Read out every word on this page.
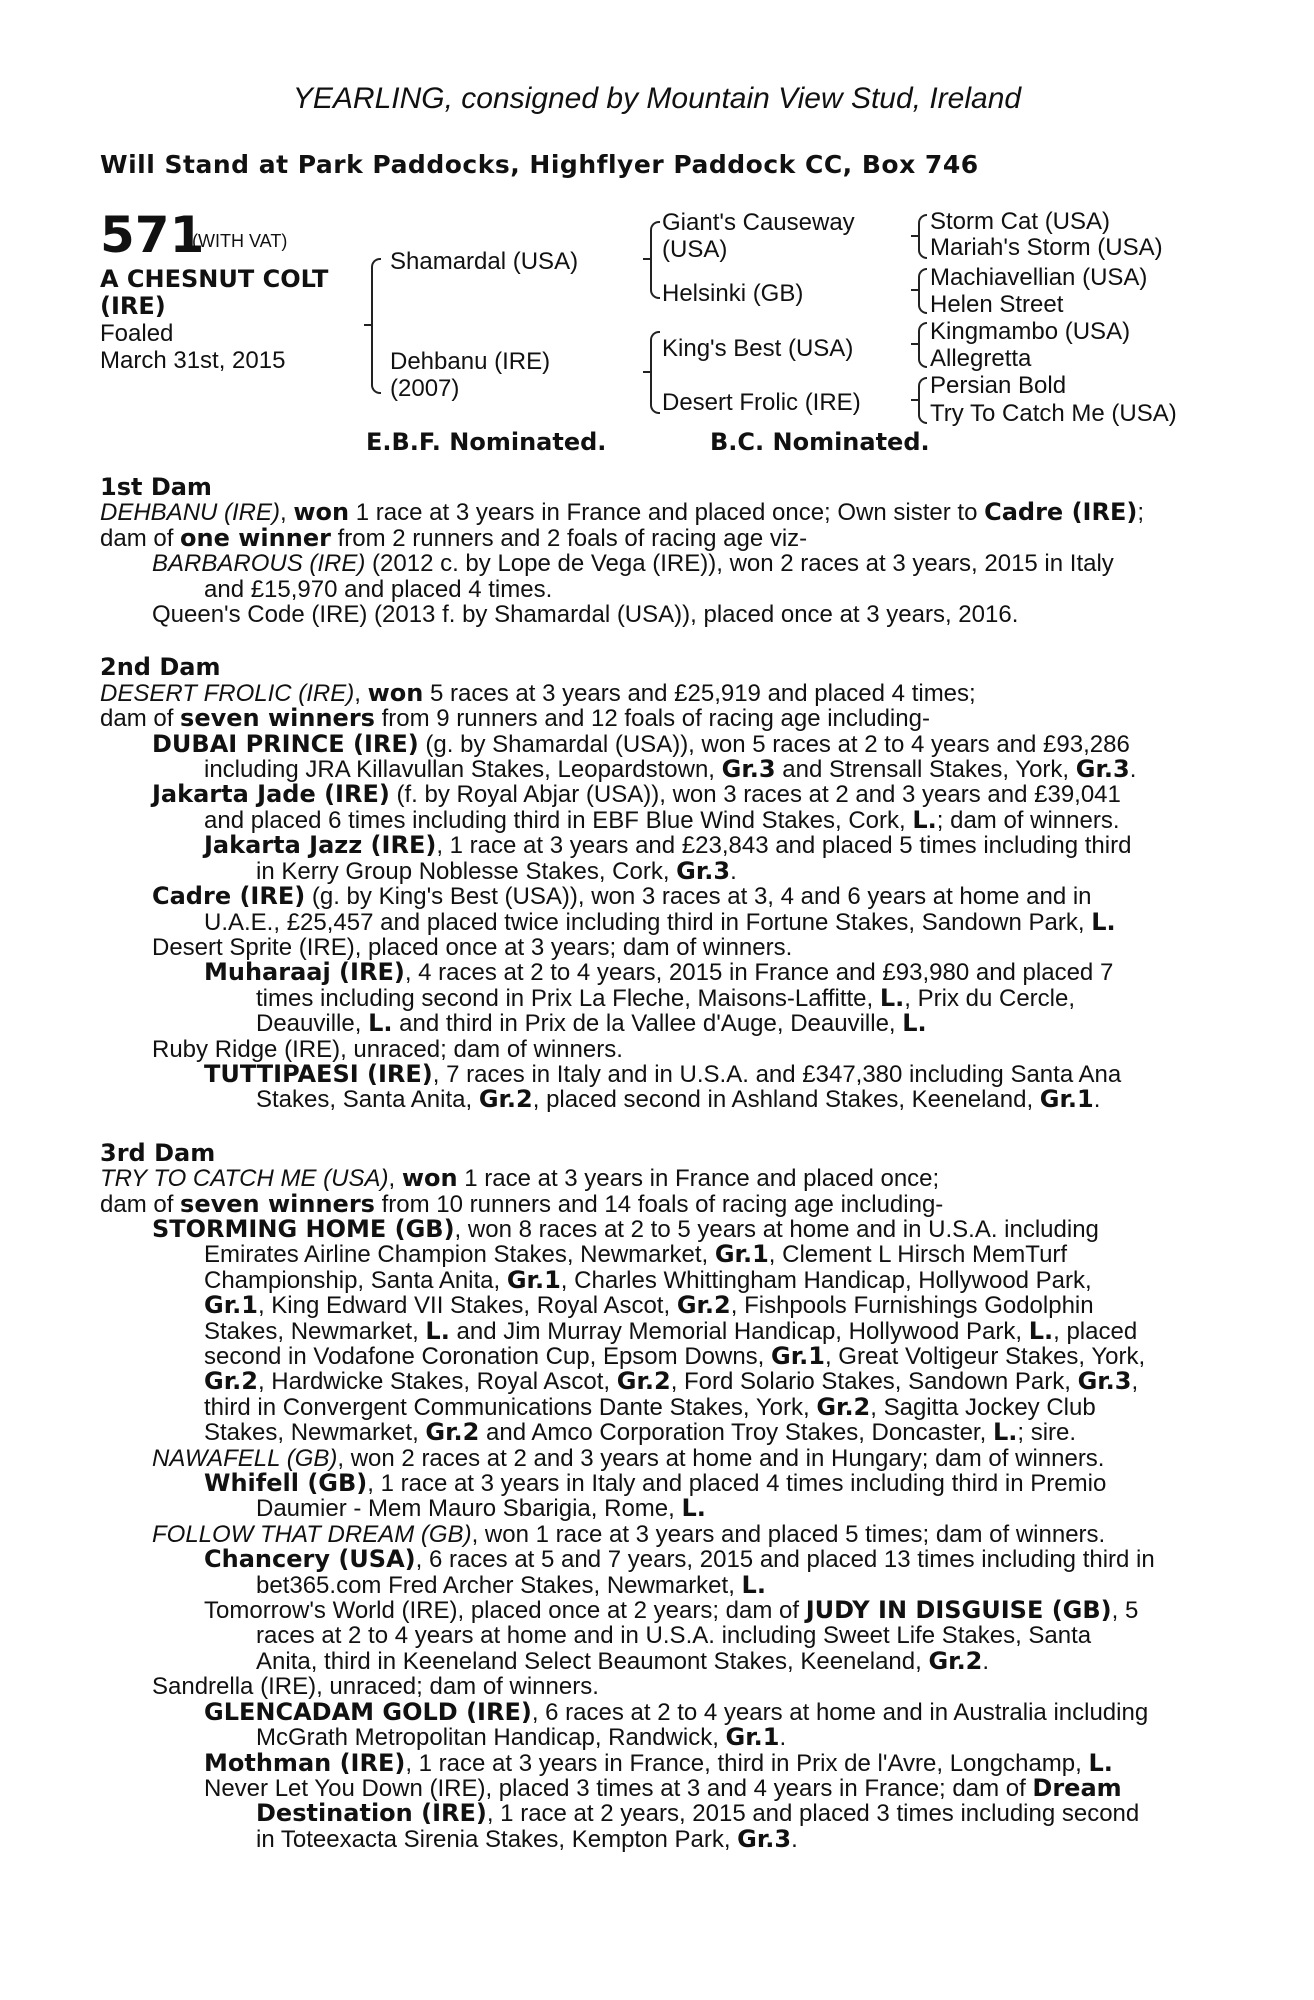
YEARLING, consigned by Mountain View Stud, Ireland
Will Stand at Park Paddocks, Highflyer Paddock CC, Box 746
571
(WITH VAT)
A CHESNUT COLT
(IRE)
Foaled
March 31st, 2015
Shamardal (USA)
Dehbanu (IRE)
(2007)
Giant's Causeway
(USA)
Helsinki (GB)
King's Best (USA)
Desert Frolic (IRE)
Storm Cat (USA)
Mariah's Storm (USA)
Machiavellian (USA)
Helen Street
Kingmambo (USA)
Allegretta
Persian Bold
Try To Catch Me (USA)
E.B.F. Nominated.	B.C. Nominated.

1st Dam

DEHBANU (IRE), won 1 race at 3 years in France and placed once; Own sister to Cadre (IRE);

dam of one winner from 2 runners and 2 foals of racing age viz-

BARBAROUS (IRE) (2012 c. by Lope de Vega (IRE)), won 2 races at 3 years, 2015 in Italy

and £15,970 and placed 4 times.

Queen's Code (IRE) (2013 f. by Shamardal (USA)), placed once at 3 years, 2016.

2nd Dam

DESERT FROLIC (IRE), won 5 races at 3 years and £25,919 and placed 4 times;

dam of seven winners from 9 runners and 12 foals of racing age including-

DUBAI PRINCE (IRE) (g. by Shamardal (USA)), won 5 races at 2 to 4 years and £93,286

including JRA Killavullan Stakes, Leopardstown, Gr.3 and Strensall Stakes, York, Gr.3.

Jakarta Jade (IRE) (f. by Royal Abjar (USA)), won 3 races at 2 and 3 years and £39,041

and placed 6 times including third in EBF Blue Wind Stakes, Cork, L.; dam of winners.

Jakarta Jazz (IRE), 1 race at 3 years and £23,843 and placed 5 times including third

in Kerry Group Noblesse Stakes, Cork, Gr.3.

Cadre (IRE) (g. by King's Best (USA)), won 3 races at 3, 4 and 6 years at home and in

U.A.E., £25,457 and placed twice including third in Fortune Stakes, Sandown Park, L.

Desert Sprite (IRE), placed once at 3 years; dam of winners.

Muharaaj (IRE), 4 races at 2 to 4 years, 2015 in France and £93,980 and placed 7

times including second in Prix La Fleche, Maisons-Laffitte, L., Prix du Cercle,

Deauville, L. and third in Prix de la Vallee d'Auge, Deauville, L.

Ruby Ridge (IRE), unraced; dam of winners.

TUTTIPAESI (IRE), 7 races in Italy and in U.S.A. and £347,380 including Santa Ana

Stakes, Santa Anita, Gr.2, placed second in Ashland Stakes, Keeneland, Gr.1.

3rd Dam

TRY TO CATCH ME (USA), won 1 race at 3 years in France and placed once;

dam of seven winners from 10 runners and 14 foals of racing age including-

STORMING HOME (GB), won 8 races at 2 to 5 years at home and in U.S.A. including

Emirates Airline Champion Stakes, Newmarket, Gr.1, Clement L Hirsch MemTurf

Championship, Santa Anita, Gr.1, Charles Whittingham Handicap, Hollywood Park,

Gr.1, King Edward VII Stakes, Royal Ascot, Gr.2, Fishpools Furnishings Godolphin

Stakes, Newmarket, L. and Jim Murray Memorial Handicap, Hollywood Park, L., placed

second in Vodafone Coronation Cup, Epsom Downs, Gr.1, Great Voltigeur Stakes, York,

Gr.2, Hardwicke Stakes, Royal Ascot, Gr.2, Ford Solario Stakes, Sandown Park, Gr.3,

third in Convergent Communications Dante Stakes, York, Gr.2, Sagitta Jockey Club

Stakes, Newmarket, Gr.2 and Amco Corporation Troy Stakes, Doncaster, L.; sire.

NAWAFELL (GB), won 2 races at 2 and 3 years at home and in Hungary; dam of winners.

Whifell (GB), 1 race at 3 years in Italy and placed 4 times including third in Premio

Daumier - Mem Mauro Sbarigia, Rome, L.

FOLLOW THAT DREAM (GB), won 1 race at 3 years and placed 5 times; dam of winners.

Chancery (USA), 6 races at 5 and 7 years, 2015 and placed 13 times including third in

bet365.com Fred Archer Stakes, Newmarket, L.

Tomorrow's World (IRE), placed once at 2 years; dam of JUDY IN DISGUISE (GB), 5

races at 2 to 4 years at home and in U.S.A. including Sweet Life Stakes, Santa

Anita, third in Keeneland Select Beaumont Stakes, Keeneland, Gr.2.

Sandrella (IRE), unraced; dam of winners.

GLENCADAM GOLD (IRE), 6 races at 2 to 4 years at home and in Australia including

McGrath Metropolitan Handicap, Randwick, Gr.1.

Mothman (IRE), 1 race at 3 years in France, third in Prix de l'Avre, Longchamp, L.

Never Let You Down (IRE), placed 3 times at 3 and 4 years in France; dam of Dream

Destination (IRE), 1 race at 2 years, 2015 and placed 3 times including second

in Toteexacta Sirenia Stakes, Kempton Park, Gr.3.
